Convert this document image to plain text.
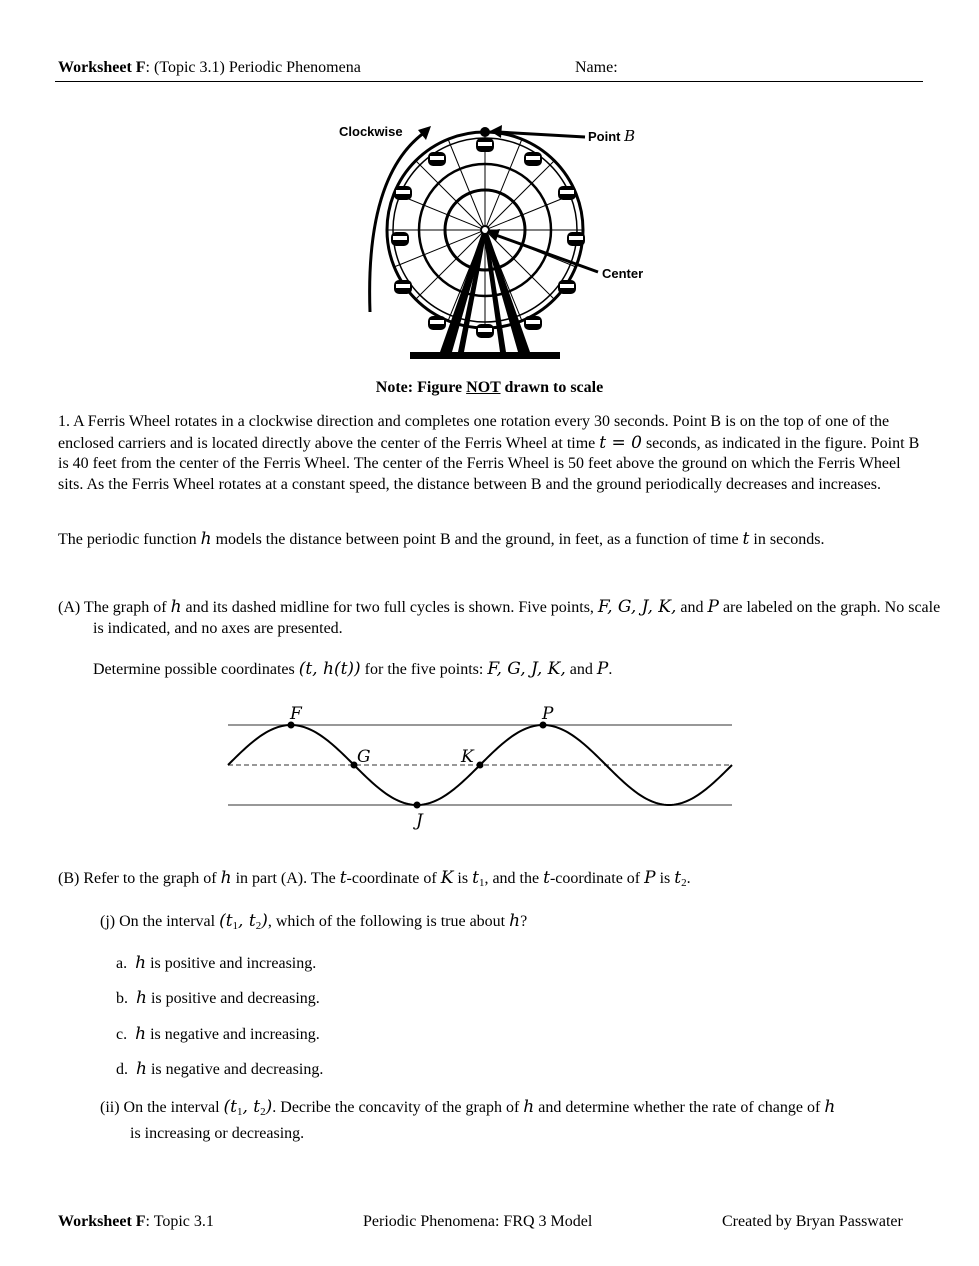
Worksheet F: (Topic 3.1) Periodic Phenomena	Name:
Clockwise	Point B
Center
Note: Figure NOT drawn to scale
1. A Ferris Wheel rotates in a clockwise direction and completes one rotation every 30 seconds. Point B is on the top of one of the enclosed carriers and is located directly above the center of the Ferris Wheel at time t = 0 seconds, as indicated in the figure. Point B is 40 feet from the center of the Ferris Wheel. The center of the Ferris Wheel is 50 feet above the ground on which the Ferris Wheel sits. As the Ferris Wheel rotates at a constant speed, the distance between B and the ground periodically decreases and increases.
The periodic function h models the distance between point B and the ground, in feet, as a function of time t in seconds.
(A) The graph of h and its dashed midline for two full cycles is shown. Five points, F, G, J, K, and P are labeled on the graph. No scale is indicated, and no axes are presented.
Determine possible coordinates (t, h(t)) for the five points: F, G, J, K, and P.
F
G	K
P
J
(B) Refer to the graph of h in part (A). The t-coordinate of K is t1, and the t-coordinate of P is t2.
(j) On the interval (t1, t2), which of the following is true about h?
a. h is positive and increasing.
b. h is positive and decreasing.
c. h is negative and increasing.
d. h is negative and decreasing.
(ii) On the interval (t1, t2). Decribe the concavity of the graph of h and determine whether the rate of change of h
is increasing or decreasing.
Worksheet F: Topic 3.1	Periodic Phenomena: FRQ 3 Model	Created by Bryan Passwater
